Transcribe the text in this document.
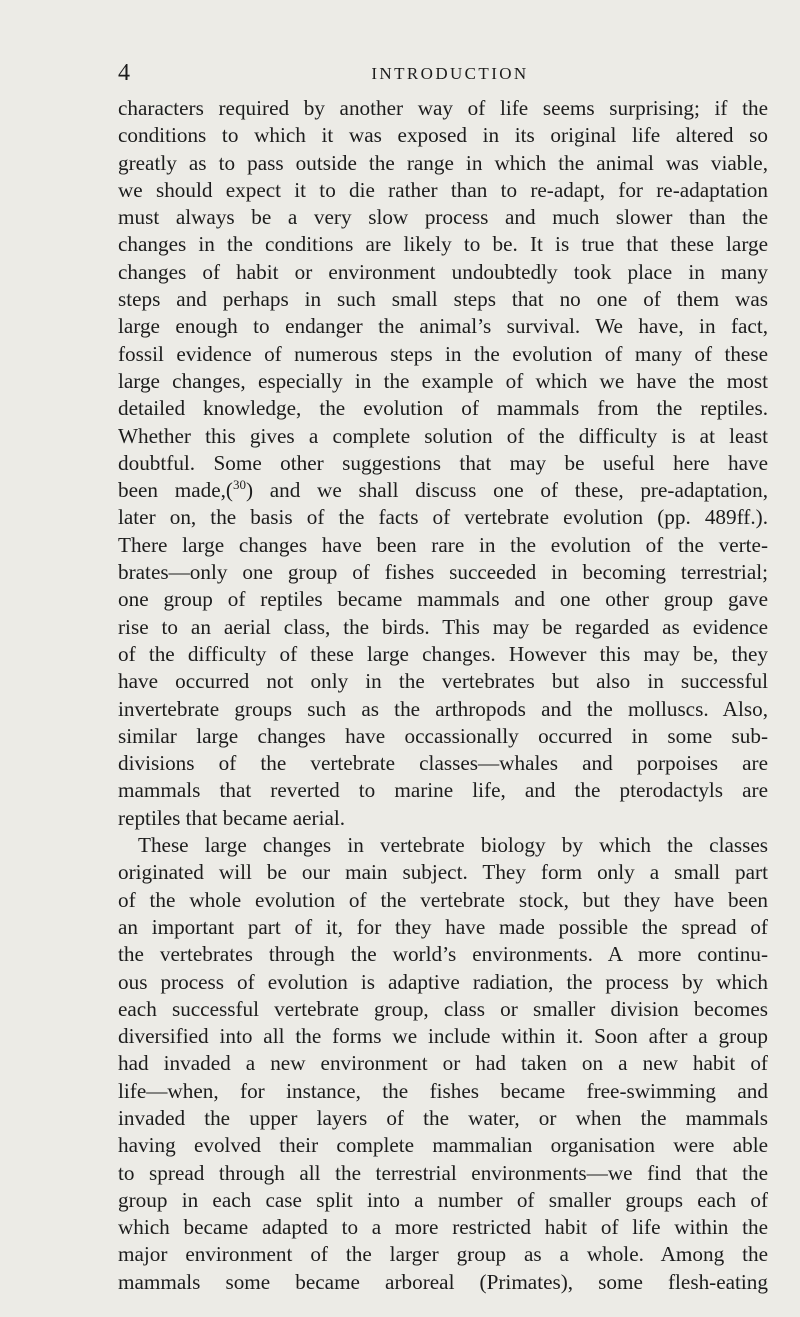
4	INTRODUCTION
characters required by another way of life seems surprising; if the
conditions to which it was exposed in its original life altered so
greatly as to pass outside the range in which the animal was viable,
we should expect it to die rather than to re-adapt, for re-adaptation
must always be a very slow process and much slower than the
changes in the conditions are likely to be. It is true that these large
changes of habit or environment undoubtedly took place in many
steps and perhaps in such small steps that no one of them was
large enough to endanger the animal’s survival. We have, in fact,
fossil evidence of numerous steps in the evolution of many of these
large changes, especially in the example of which we have the most
detailed knowledge, the evolution of mammals from the reptiles.
Whether this gives a complete solution of the difficulty is at least
doubtful. Some other suggestions that may be useful here have
been made,($^{30}$) and we shall discuss one of these, pre-adaptation,
later on, the basis of the facts of vertebrate evolution (pp. 489ff.).
There large changes have been rare in the evolution of the verte-
brates—only one group of fishes succeeded in becoming terrestrial;
one group of reptiles became mammals and one other group gave
rise to an aerial class, the birds. This may be regarded as evidence
of the difficulty of these large changes. However this may be, they
have occurred not only in the vertebrates but also in successful
invertebrate groups such as the arthropods and the molluscs. Also,
similar large changes have occassionally occurred in some sub-
divisions of the vertebrate classes—whales and porpoises are
mammals that reverted to marine life, and the pterodactyls are
reptiles that became aerial.
These large changes in vertebrate biology by which the classes
originated will be our main subject. They form only a small part
of the whole evolution of the vertebrate stock, but they have been
an important part of it, for they have made possible the spread of
the vertebrates through the world’s environments. A more continu-
ous process of evolution is adaptive radiation, the process by which
each successful vertebrate group, class or smaller division becomes
diversified into all the forms we include within it. Soon after a group
had invaded a new environment or had taken on a new habit of
life—when, for instance, the fishes became free-swimming and
invaded the upper layers of the water, or when the mammals
having evolved their complete mammalian organisation were able
to spread through all the terrestrial environments—we find that the
group in each case split into a number of smaller groups each of
which became adapted to a more restricted habit of life within the
major environment of the larger group as a whole. Among the
mammals some became arboreal (Primates), some flesh-eating
